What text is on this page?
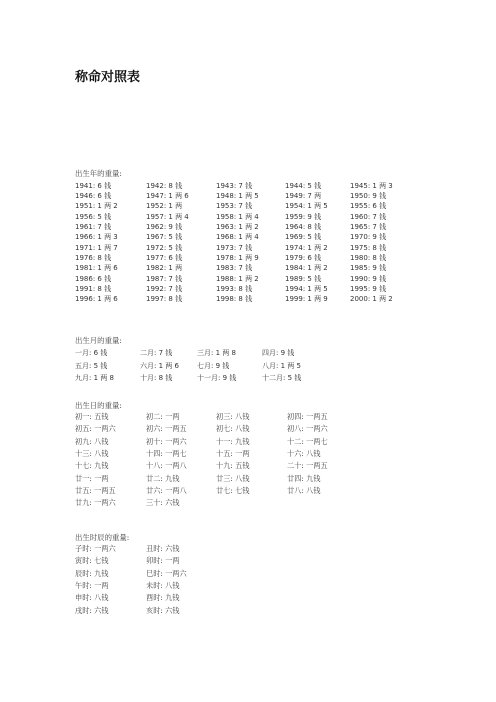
称命对照表
出生年的重量:
1941: 6 钱	1942: 8 钱	1943: 7 钱	1944: 5 钱	1945: 1 两 3
1946: 6 钱	1947: 1 两 6	1948: 1 两 5	1949: 7 两	1950: 9 钱
1951: 1 两 2	1952: 1 两	1953: 7 钱	1954: 1 两 5	1955: 6 钱
1956: 5 钱	1957: 1 两 4	1958: 1 两 4	1959: 9 钱	1960: 7 钱
1961: 7 钱	1962: 9 钱	1963: 1 两 2	1964: 8 钱	1965: 7 钱
1966: 1 两 3	1967: 5 钱	1968: 1 两 4	1969: 5 钱	1970: 9 钱
1971: 1 两 7	1972: 5 钱	1973: 7 钱	1974: 1 两 2	1975: 8 钱
1976: 8 钱	1977: 6 钱	1978: 1 两 9	1979: 6 钱	1980: 8 钱
1981: 1 两 6	1982: 1 两	1983: 7 钱	1984: 1 两 2	1985: 9 钱
1986: 6 钱	1987: 7 钱	1988: 1 两 2	1989: 5 钱	1990: 9 钱
1991: 8 钱	1992: 7 钱	1993: 8 钱	1994: 1 两 5	1995: 9 钱
1996: 1 两 6	1997: 8 钱	1998: 8 钱	1999: 1 两 9	2000: 1 两 2
出生月的重量:
一月: 6 钱	二月: 7 钱	三月: 1 两 8	四月: 9 钱
五月: 5 钱	六月: 1 两 6	七月: 9 钱	八月: 1 两 5
九月: 1 两 8	十月: 8 钱	十一月: 9 钱	十二月: 5 钱
出生日的重量:
初一: 五钱	初二: 一两	初三: 八钱	初四: 一两五
初五: 一两六	初六: 一两五	初七: 八钱	初八: 一两六
初九: 八钱	初十: 一两六	十一: 九钱	十二: 一两七
十三: 八钱	十四: 一两七	十五: 一两	十六: 八钱
十七: 九钱	十八: 一两八	十九: 五钱	二十: 一两五
廿一: 一两	廿二: 九钱	廿三: 八钱	廿四: 九钱
廿五: 一两五	廿六: 一两八	廿七: 七钱	廿八: 八钱
廿九: 一两六	三十: 六钱
出生时辰的重量:
子时: 一两六	丑时: 六钱
寅时: 七钱	卯时: 一两
辰时: 九钱	巳时: 一两六
午时: 一两	未时: 八钱
申时: 八钱	酉时: 九钱
戌时: 六钱	亥时: 六钱
